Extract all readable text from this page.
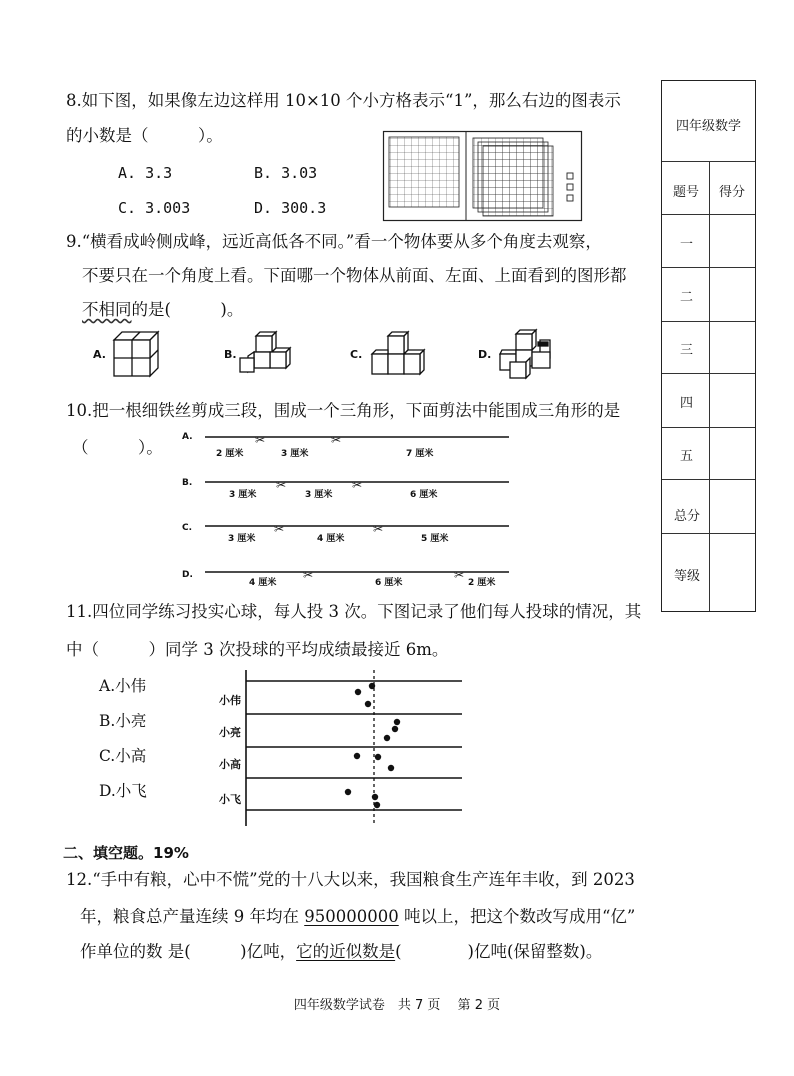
四年级数学
题号 得分
一
二
三
四
五
总分
等级
8.如下图，如果像左边这样用 10×10 个小方格表示“1”，那么右边的图表示
的小数是（　　　）。
A. 3.3	B. 3.03
C. 3.003	D. 300.3
9.“横看成岭侧成峰，远近高低各不同。”看一个物体要从多个角度去观察，
不要只在一个角度上看。下面哪一个物体从前面、左面、上面看到的图形都
不相同的是(　　　)。
A.	B.	C.	D.
10.把一根细铁丝剪成三段，围成一个三角形，下面剪法中能围成三角形的是
（　　　）。
A.	✂	✂
2 厘米	3 厘米	7 厘米
B.	✂	✂
3 厘米	3 厘米	6 厘米
C.	✂	✂
3 厘米	4 厘米	5 厘米
D.	✂	✂
4 厘米	6 厘米	2 厘米
11.四位同学练习投实心球，每人投 3 次。下图记录了他们每人投球的情况，其
中（　　　）同学 3 次投球的平均成绩最接近 6m。
A.小伟
B.小亮
C.小高
D.小飞
小伟
小亮
小高
小飞
二、填空题。19%
12.“手中有粮，心中不慌”党的十八大以来，我国粮食生产连年丰收，到 2023
年，粮食总产量连续 9 年均在 950000000 吨以上，把这个数改写成用“亿”
作单位的数 是(　　　)亿吨，它的近似数是(　　　　)亿吨(保留整数)。
四年级数学试卷　共 7 页　 第 2 页
